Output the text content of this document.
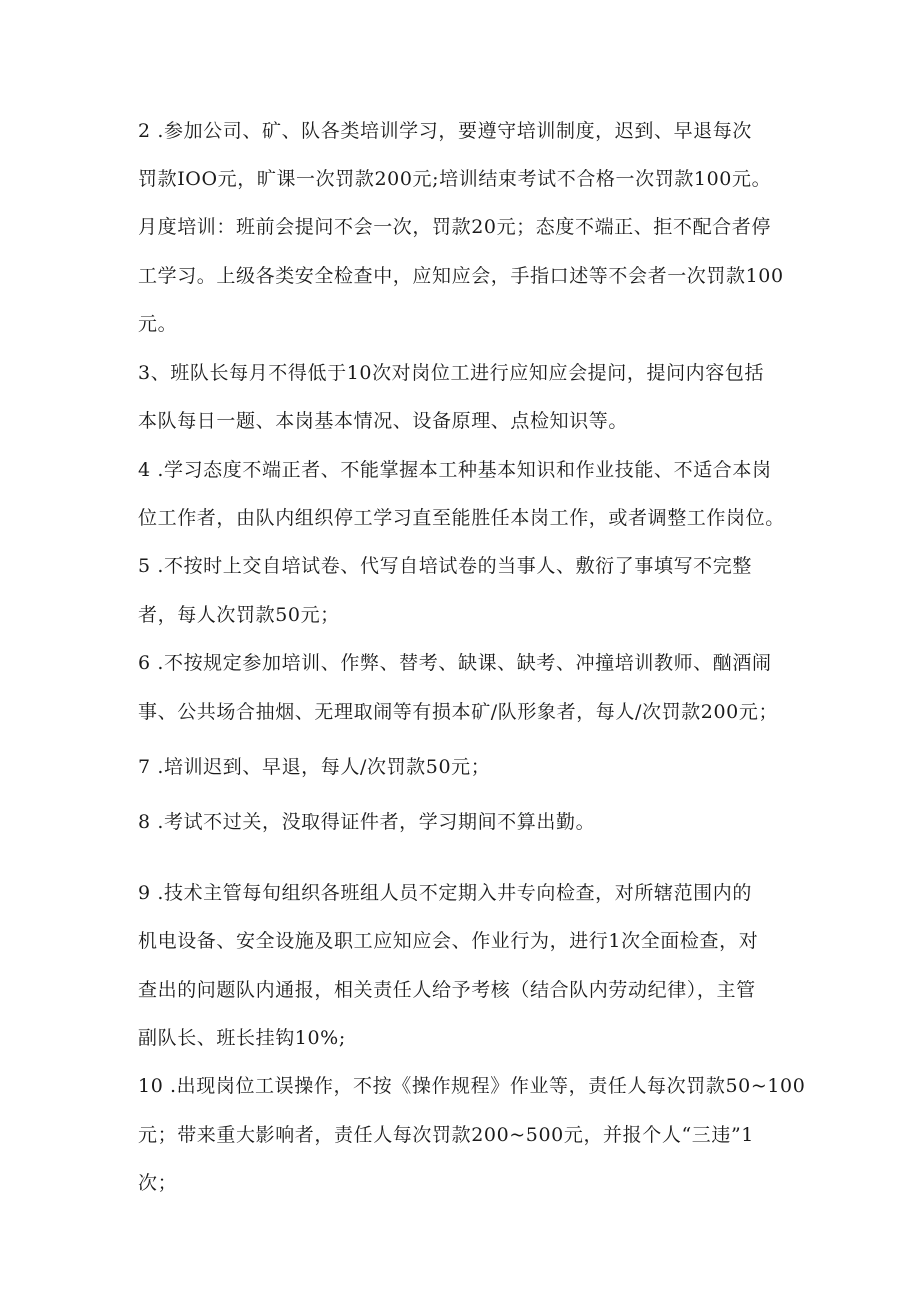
2 .参加公司、矿、队各类培训学习，要遵守培训制度，迟到、早退每次
罚款IOO元，旷课一次罚款200元;培训结束考试不合格一次罚款100元。
月度培训：班前会提问不会一次，罚款20元；态度不端正、拒不配合者停
工学习。上级各类安全检查中，应知应会，手指口述等不会者一次罚款100
元。
3、班队长每月不得低于10次对岗位工进行应知应会提问，提问内容包括
本队每日一题、本岗基本情况、设备原理、点检知识等。
4 .学习态度不端正者、不能掌握本工种基本知识和作业技能、不适合本岗
位工作者，由队内组织停工学习直至能胜任本岗工作，或者调整工作岗位。
5 .不按时上交自培试卷、代写自培试卷的当事人、敷衍了事填写不完整
者，每人次罚款50元；
6 .不按规定参加培训、作弊、替考、缺课、缺考、冲撞培训教师、酗酒闹
事、公共场合抽烟、无理取闹等有损本矿/队形象者，每人/次罚款200元；
7 .培训迟到、早退，每人/次罚款50元；
8 .考试不过关，没取得证件者，学习期间不算出勤。
9 .技术主管每旬组织各班组人员不定期入井专向检查，对所辖范围内的
机电设备、安全设施及职工应知应会、作业行为，进行1次全面检查，对
查出的问题队内通报，相关责任人给予考核（结合队内劳动纪律），主管
副队长、班长挂钩10%;
10 .出现岗位工误操作，不按《操作规程》作业等，责任人每次罚款50~100
元；带来重大影响者，责任人每次罚款200~500元，并报个人“三违”1
次；
